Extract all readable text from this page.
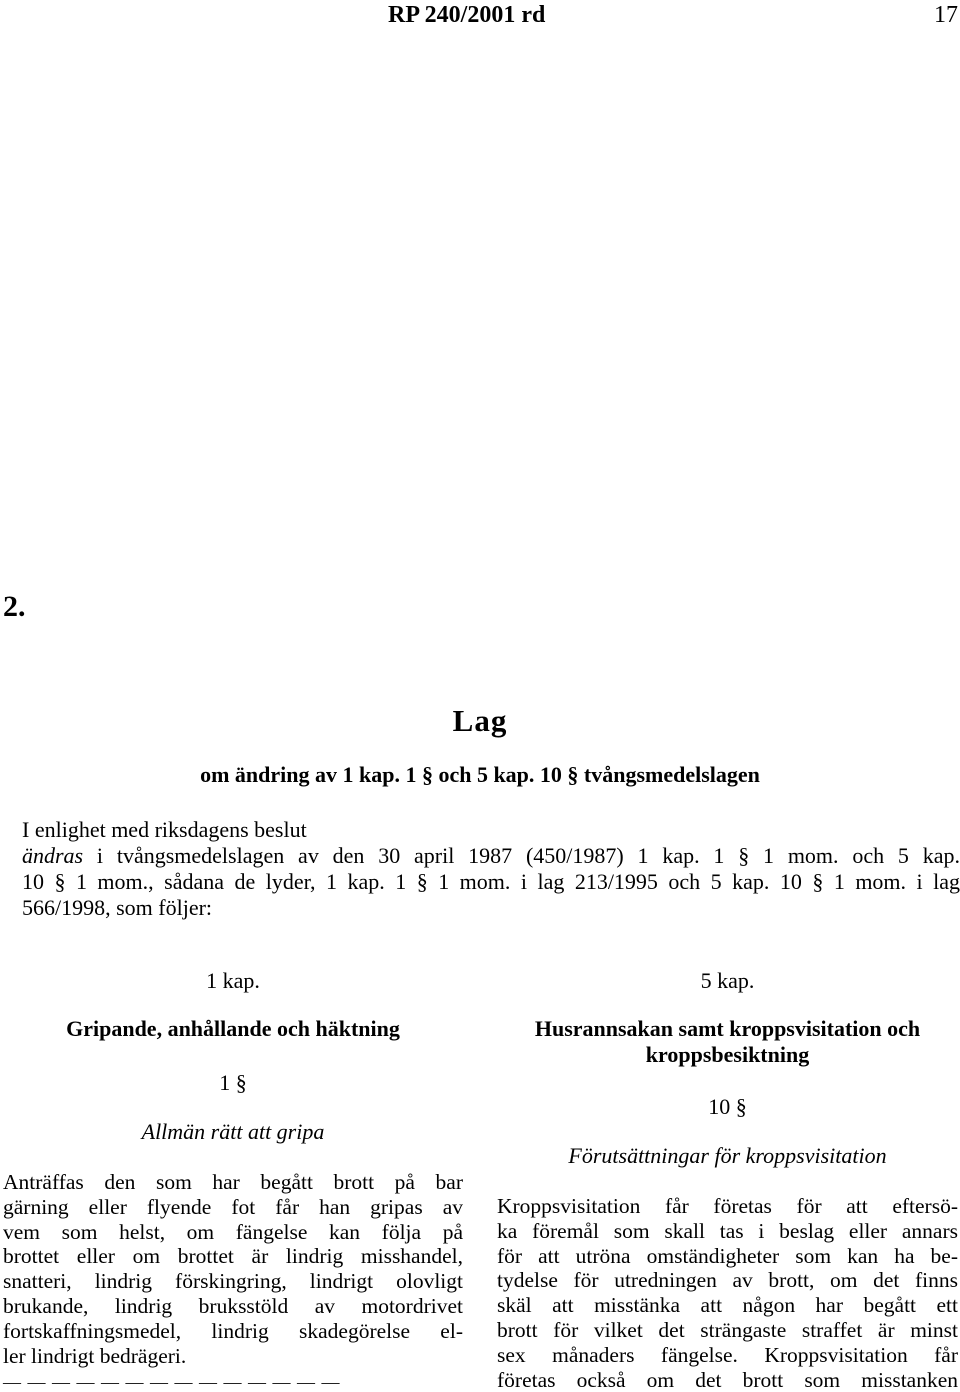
RP 240/2001 rd	17
2.
Lag
om ändring av 1 kap. 1 § och 5 kap. 10 § tvångsmedelslagen
I enlighet med riksdagens beslut
ändras i tvångsmedelslagen av den 30 april 1987 (450/1987) 1 kap. 1 § 1 mom. och 5 kap.
10 § 1 mom., sådana de lyder, 1 kap. 1 § 1 mom. i lag 213/1995 och 5 kap. 10 § 1 mom. i lag
566/1998, som följer:
1 kap.
Gripande, anhållande och häktning
1 §
Allmän rätt att gripa
Anträffas den som har begått brott på bar
gärning eller flyende fot får han gripas av
vem som helst, om fängelse kan följa på
brottet eller om brottet är lindrig misshandel,
snatteri, lindrig förskingring, lindrigt olovligt
brukande, lindrig bruksstöld av motordrivet
fortskaffningsmedel, lindrig skadegörelse el-
ler lindrigt bedrägeri.
— — — — — — — — — — — — — —
5 kap.
Husrannsakan samt kroppsvisitation och
kroppsbesiktning
10 §
Förutsättningar för kroppsvisitation
Kroppsvisitation får företas för att eftersö-
ka föremål som skall tas i beslag eller annars
för att utröna omständigheter som kan ha be-
tydelse för utredningen av brott, om det finns
skäl att misstänka att någon har begått ett
brott för vilket det strängaste straffet är minst
sex månaders fängelse. Kroppsvisitation får
företas också om det brott som misstanken
